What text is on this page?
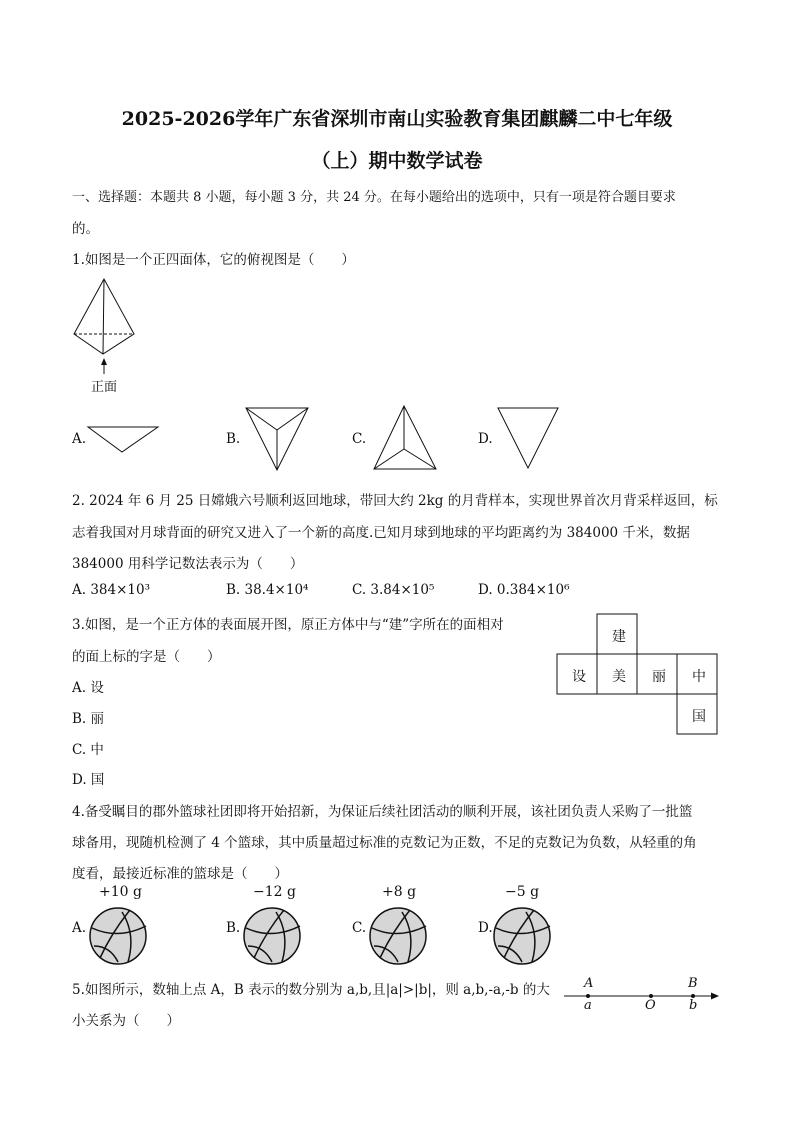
2025-2026学年广东省深圳市南山实验教育集团麒麟二中七年级
（上）期中数学试卷
一、选择题：本题共 8 小题，每小题 3 分，共 24 分。在每小题给出的选项中，只有一项是符合题目要求
的。
1.如图是一个正四面体，它的俯视图是（　　）
正面
A.	B.	C.	D.
2. 2024 年 6 月 25 日嫦娥六号顺利返回地球，带回大约 2kg 的月背样本，实现世界首次月背采样返回，标
志着我国对月球背面的研究又进入了一个新的高度.已知月球到地球的平均距离约为 384000 千米，数据
384000 用科学记数法表示为（　　）
A. 384×10³	B. 38.4×10⁴	C. 3.84×10⁵	D. 0.384×10⁶
3.如图，是一个正方体的表面展开图，原正方体中与“建”字所在的面相对
的面上标的字是（　　）
A. 设
B. 丽
C. 中
D. 国
建
设 美 丽 中
国
4.备受瞩目的郡外篮球社团即将开始招新，为保证后续社团活动的顺利开展，该社团负责人采购了一批篮
球备用，现随机检测了 4 个篮球，其中质量超过标准的克数记为正数，不足的克数记为负数，从轻重的角
度看，最接近标准的篮球是（　　）
+10 g	−12 g	+8 g	−5 g
A.	B.	C.	D.
5.如图所示，数轴上点 A，B 表示的数分别为 a,b,且|a|>|b|，则 a,b,-a,-b 的大
小关系为（　　）
A	B
a	O	b
